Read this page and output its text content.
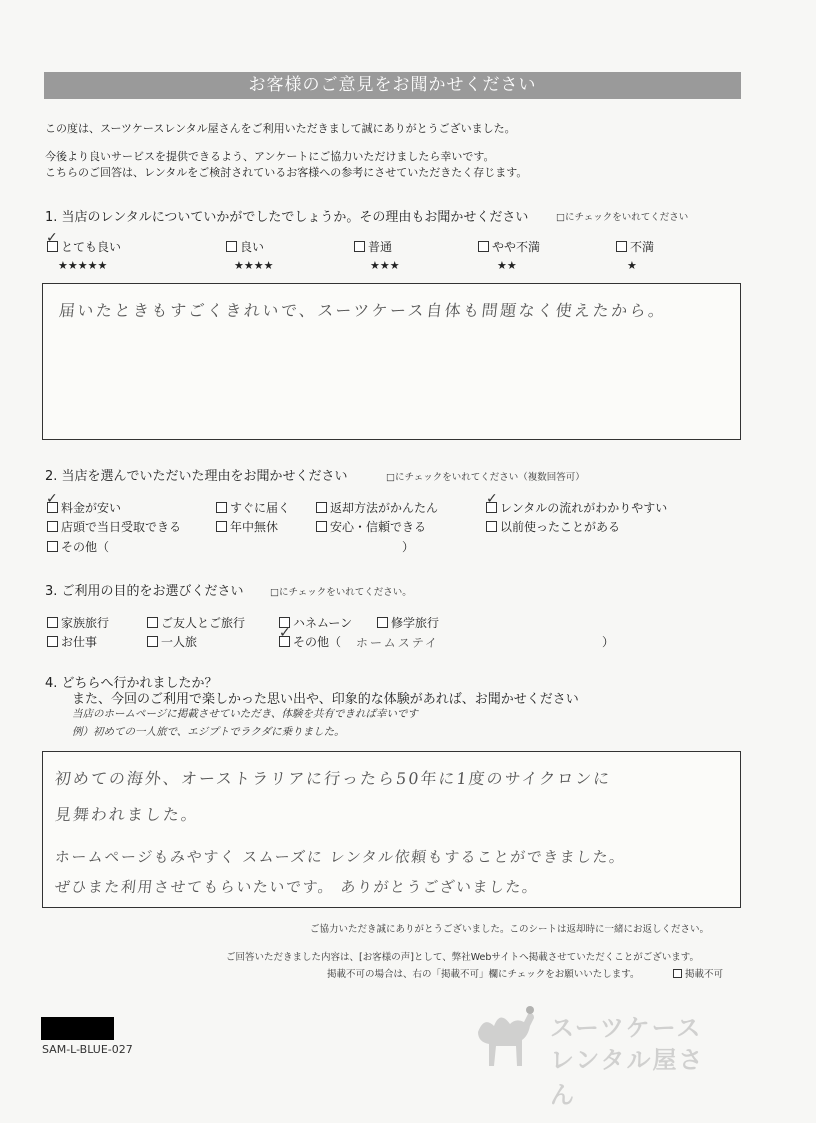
お客様のご意見をお聞かせください
この度は、スーツケースレンタル屋さんをご利用いただきまして誠にありがとうございました。
今後より良いサービスを提供できるよう、アンケートにご協力いただけましたら幸いです。
こちらのご回答は、レンタルをご検討されているお客様への参考にさせていただきたく存じます。
1. 当店のレンタルについていかがでしたでしょうか。その理由もお聞かせください	□にチェックをいれてください
とても良い
✓
良い	普通	やや不満	不満
★★★★★	★★★★	★★★	★★	★
届いたときもすごくきれいで、スーツケース自体も問題なく使えたから。
2. 当店を選んでいただいた理由をお聞かせください	□にチェックをいれてください（複数回答可）
料金が安い
✓
すぐに届く	返却方法がかんたん	レンタルの流れがわかりやすい
✓
店頭で当日受取できる	年中無休	安心・信頼できる	以前使ったことがある
その他（	）
3. ご利用の目的をお選びください	□にチェックをいれてください。
家族旅行	ご友人とご旅行	ハネムーン	修学旅行
お仕事	一人旅	その他（
✓
ホームステイ	）
4. どちらへ行かれましたか？
また、今回のご利用で楽しかった思い出や、印象的な体験があれば、お聞かせください
当店のホームページに掲載させていただき、体験を共有できれば幸いです
例）初めての一人旅で、エジプトでラクダに乗りました。
初めての海外、オーストラリアに行ったら50年に1度のサイクロンに
見舞われました。
ホームページもみやすく スムーズに レンタル依頼もすることができました。
ぜひまた利用させてもらいたいです。 ありがとうございました。
ご協力いただき誠にありがとうございました。このシートは返却時に一緒にお返しください。
ご回答いただきました内容は、[お客様の声]として、弊社Webサイトへ掲載させていただくことがございます。
掲載不可の場合は、右の「掲載不可」欄にチェックをお願いいたします。	掲載不可
SAM-L-BLUE-027
スーツケース
レンタル屋さん
